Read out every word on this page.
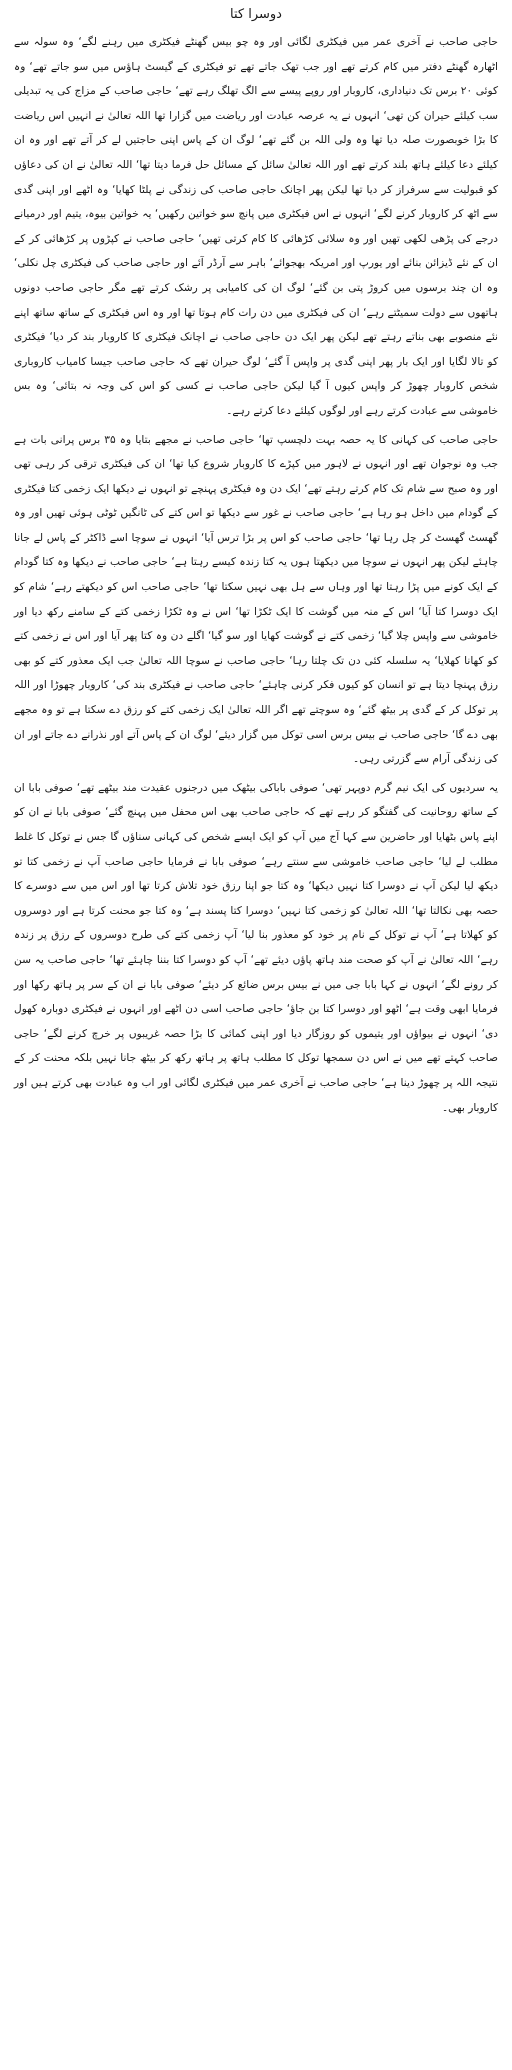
دوسرا کتا

حاجی صاحب نے آخری عمر میں فیکٹری لگائی اور وہ چو بیس گھنٹے فیکٹری میں رہنے لگے‘ وہ سولہ سے اٹھارہ گھنٹے دفتر میں کام کرتے تھے اور جب تھک جاتے تھے تو فیکٹری کے گیسٹ ہاؤس میں سو جاتے تھے‘ وہ کوئی ۲۰ برس تک دنیاداری، کاروبار اور روپے پیسے سے الگ تھلگ رہے تھے‘ حاجی صاحب کے مزاج کی یہ تبدیلی سب کیلئے حیران کن تھی‘ انہوں نے یہ عرصہ عبادت اور ریاضت میں گزارا تھا اللہ تعالیٰ نے انہیں اس ریاضت کا بڑا خوبصورت صلہ دیا تھا وہ ولی اللہ بن گئے تھے‘ لوگ ان کے پاس اپنی حاجتیں لے کر آتے تھے اور وہ ان کیلئے دعا کیلئے ہاتھ بلند کرتے تھے اور اللہ تعالیٰ سائل کے مسائل حل فرما دیتا تھا‘ اللہ تعالیٰ نے ان کی دعاؤں کو قبولیت سے سرفراز کر دیا تھا لیکن پھر اچانک حاجی صاحب کی زندگی نے پلٹا کھایا‘ وہ اٹھے اور اپنی گدی سے اٹھ کر کاروبار کرنے لگے‘ انہوں نے اس فیکٹری میں پانچ سو خواتین رکھیں‘ یہ خواتین بیوہ، یتیم اور درمیانے درجے کی پڑھی لکھی تھیں اور وہ سلائی کڑھائی کا کام کرتی تھیں‘ حاجی صاحب نے کپڑوں پر کڑھائی کر کے ان کے نئے ڈیزائن بنائے اور یورپ اور امریکہ بھجوائے‘ باہر سے آرڈر آئے اور حاجی صاحب کی فیکٹری چل نکلی‘ وہ ان چند برسوں میں کروڑ پتی بن گئے‘ لوگ ان کی کامیابی پر رشک کرتے تھے مگر حاجی صاحب دونوں ہاتھوں سے دولت سمیٹتے رہے‘ ان کی فیکٹری میں دن رات کام ہوتا تھا اور وہ اس فیکٹری کے ساتھ ساتھ اپنے نئے منصوبے بھی بناتے رہتے تھے لیکن پھر ایک دن حاجی صاحب نے اچانک فیکٹری کا کاروبار بند کر دیا‘ فیکٹری کو تالا لگایا اور ایک بار پھر اپنی گدی پر واپس آ گئے‘ لوگ حیران تھے کہ حاجی صاحب جیسا کامیاب کاروباری شخص کاروبار چھوڑ کر واپس کیوں آ گیا لیکن حاجی صاحب نے کسی کو اس کی وجہ نہ بتائی‘ وہ بس خاموشی سے عبادت کرتے رہے اور لوگوں کیلئے دعا کرتے رہے۔

حاجی صاحب کی کہانی کا یہ حصہ بہت دلچسپ تھا‘ حاجی صاحب نے مجھے بتایا وہ ۳۵ برس پرانی بات ہے جب وہ نوجوان تھے اور انہوں نے لاہور میں کپڑے کا کاروبار شروع کیا تھا‘ ان کی فیکٹری ترقی کر رہی تھی اور وہ صبح سے شام تک کام کرتے رہتے تھے‘ ایک دن وہ فیکٹری پہنچے تو انہوں نے دیکھا ایک زخمی کتا فیکٹری کے گودام میں داخل ہو رہا ہے‘ حاجی صاحب نے غور سے دیکھا تو اس کتے کی ٹانگیں ٹوٹی ہوئی تھیں اور وہ گھسٹ گھسٹ کر چل رہا تھا‘ حاجی صاحب کو اس پر بڑا ترس آیا‘ انہوں نے سوچا اسے ڈاکٹر کے پاس لے جانا چاہئے لیکن پھر انہوں نے سوچا میں دیکھتا ہوں یہ کتا زندہ کیسے رہتا ہے‘ حاجی صاحب نے دیکھا وہ کتا گودام کے ایک کونے میں پڑا رہتا تھا اور وہاں سے ہل بھی نہیں سکتا تھا‘ حاجی صاحب اس کو دیکھتے رہے‘ شام کو ایک دوسرا کتا آیا‘ اس کے منہ میں گوشت کا ایک ٹکڑا تھا‘ اس نے وہ ٹکڑا زخمی کتے کے سامنے رکھ دیا اور خاموشی سے واپس چلا گیا‘ زخمی کتے نے گوشت کھایا اور سو گیا‘ اگلے دن وہ کتا پھر آیا اور اس نے زخمی کتے کو کھانا کھلایا‘ یہ سلسلہ کئی دن تک چلتا رہا‘ حاجی صاحب نے سوچا اللہ تعالیٰ جب ایک معذور کتے کو بھی رزق پہنچا دیتا ہے تو انسان کو کیوں فکر کرنی چاہئے‘ حاجی صاحب نے فیکٹری بند کی‘ کاروبار چھوڑا اور اللہ پر توکل کر کے گدی پر بیٹھ گئے‘ وہ سوچتے تھے اگر اللہ تعالیٰ ایک زخمی کتے کو رزق دے سکتا ہے تو وہ مجھے بھی دے گا‘ حاجی صاحب نے بیس برس اسی توکل میں گزار دیئے‘ لوگ ان کے پاس آتے اور نذرانے دے جاتے اور ان کی زندگی آرام سے گزرتی رہی۔

یہ سردیوں کی ایک نیم گرم دوپہر تھی‘ صوفی باباکی بیٹھک میں درجنوں عقیدت مند بیٹھے تھے‘ صوفی بابا ان کے ساتھ روحانیت کی گفتگو کر رہے تھے کہ حاجی صاحب بھی اس محفل میں پہنچ گئے‘ صوفی بابا نے ان کو اپنے پاس بٹھایا اور حاضرین سے کہا آج میں آپ کو ایک ایسے شخص کی کہانی سناؤں گا جس نے توکل کا غلط مطلب لے لیا‘ حاجی صاحب خاموشی سے سنتے رہے‘ صوفی بابا نے فرمایا حاجی صاحب آپ نے زخمی کتا تو دیکھ لیا لیکن آپ نے دوسرا کتا نہیں دیکھا‘ وہ کتا جو اپنا رزق خود تلاش کرتا تھا اور اس میں سے دوسرے کا حصہ بھی نکالتا تھا‘ اللہ تعالیٰ کو زخمی کتا نہیں‘ دوسرا کتا پسند ہے‘ وہ کتا جو محنت کرتا ہے اور دوسروں کو کھلاتا ہے‘ آپ نے توکل کے نام پر خود کو معذور بنا لیا‘ آپ زخمی کتے کی طرح دوسروں کے رزق پر زندہ رہے‘ اللہ تعالیٰ نے آپ کو صحت مند ہاتھ پاؤں دیئے تھے‘ آپ کو دوسرا کتا بننا چاہئے تھا‘ حاجی صاحب یہ سن کر رونے لگے‘ انہوں نے کہا بابا جی میں نے بیس برس ضائع کر دیئے‘ صوفی بابا نے ان کے سر پر ہاتھ رکھا اور فرمایا ابھی وقت ہے‘ اٹھو اور دوسرا کتا بن جاؤ‘ حاجی صاحب اسی دن اٹھے اور انہوں نے فیکٹری دوبارہ کھول دی‘ انہوں نے بیواؤں اور یتیموں کو روزگار دیا اور اپنی کمائی کا بڑا حصہ غریبوں پر خرچ کرنے لگے‘ حاجی صاحب کہتے تھے میں نے اس دن سمجھا توکل کا مطلب ہاتھ پر ہاتھ رکھ کر بیٹھ جانا نہیں بلکہ محنت کر کے نتیجہ اللہ پر چھوڑ دینا ہے‘ حاجی صاحب نے آخری عمر میں فیکٹری لگائی اور اب وہ عبادت بھی کرتے ہیں اور کاروبار بھی۔
